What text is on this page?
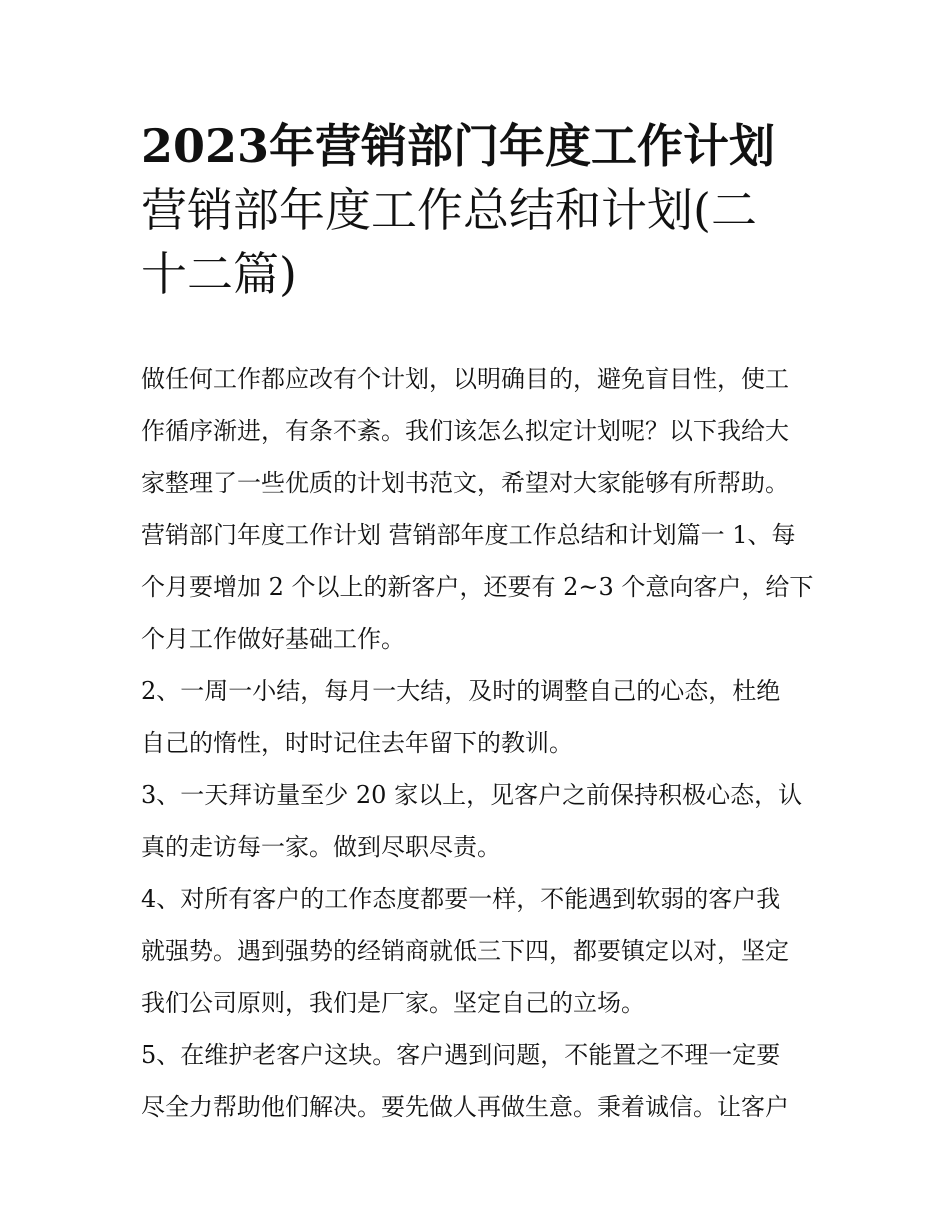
2023年营销部门年度工作计划
营销部年度工作总结和计划(二
十二篇)
做任何工作都应改有个计划，以明确目的，避免盲目性，使工
作循序渐进，有条不紊。我们该怎么拟定计划呢？以下我给大
家整理了一些优质的计划书范文，希望对大家能够有所帮助。
营销部门年度工作计划 营销部年度工作总结和计划篇一 1、每
个月要增加 2 个以上的新客户，还要有 2~3 个意向客户，给下
个月工作做好基础工作。
2、一周一小结，每月一大结，及时的调整自己的心态，杜绝
自己的惰性，时时记住去年留下的教训。
3、一天拜访量至少 20 家以上，见客户之前保持积极心态，认
真的走访每一家。做到尽职尽责。
4、对所有客户的工作态度都要一样，不能遇到软弱的客户我
就强势。遇到强势的经销商就低三下四，都要镇定以对，坚定
我们公司原则，我们是厂家。坚定自己的立场。
5、在维护老客户这块。客户遇到问题，不能置之不理一定要
尽全力帮助他们解决。要先做人再做生意。秉着诚信。让客户
